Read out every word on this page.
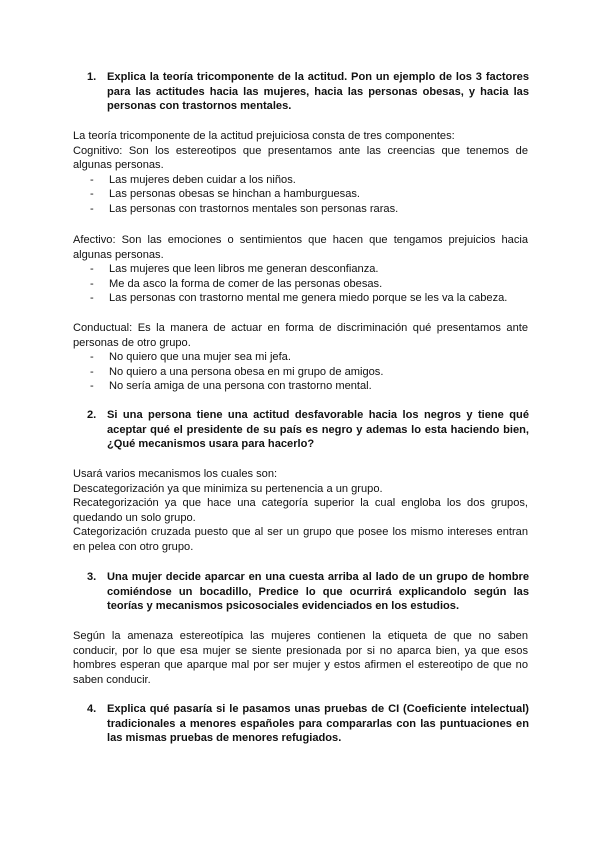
1. Explica la teoría tricomponente de la actitud. Pon un ejemplo de los 3 factores para las actitudes hacia las mujeres, hacia las personas obesas, y hacia las personas con trastornos mentales.

La teoría tricomponente de la actitud prejuiciosa consta de tres componentes:

Cognitivo: Son los estereotipos que presentamos ante las creencias que tenemos de algunas personas.

- Las mujeres deben cuidar a los niños.
- Las personas obesas se hinchan a hamburguesas.
- Las personas con trastornos mentales son personas raras.

Afectivo: Son las emociones o sentimientos que hacen que tengamos prejuicios hacia algunas personas.

- Las mujeres que leen libros me generan desconfianza.
- Me da asco la forma de comer de las personas obesas.
- Las personas con trastorno mental me genera miedo porque se les va la cabeza.

Conductual: Es la manera de actuar en forma de discriminación qué presentamos ante personas de otro grupo.

- No quiero que una mujer sea mi jefa.
- No quiero a una persona obesa en mi grupo de amigos.
- No sería amiga de una persona con trastorno mental.
2. Si una persona tiene una actitud desfavorable hacia los negros y tiene qué aceptar qué el presidente de su país es negro y ademas lo esta haciendo bien, ¿Qué mecanismos usara para hacerlo?

Usará varios mecanismos los cuales son:

Descategorización ya que minimiza su pertenencia a un grupo.

Recategorización ya que hace una categoría superior la cual engloba los dos grupos, quedando un solo grupo.

Categorización cruzada puesto que al ser un grupo que posee los mismo intereses entran en pelea con otro grupo.

3. Una mujer decide aparcar en una cuesta arriba al lado de un grupo de hombre comiéndose un bocadillo, Predice lo que ocurrirá explicandolo según las teorías y mecanismos psicosociales evidenciados en los estudios.

Según la amenaza estereotípica las mujeres contienen la etiqueta de que no saben conducir, por lo que esa mujer se siente presionada por si no aparca bien, ya que esos hombres esperan que aparque mal por ser mujer y estos afirmen el estereotipo de que no saben conducir.

4. Explica qué pasaría si le pasamos unas pruebas de CI (Coeficiente intelectual) tradicionales a menores españoles para compararlas con las puntuaciones en las mismas pruebas de menores refugiados.
